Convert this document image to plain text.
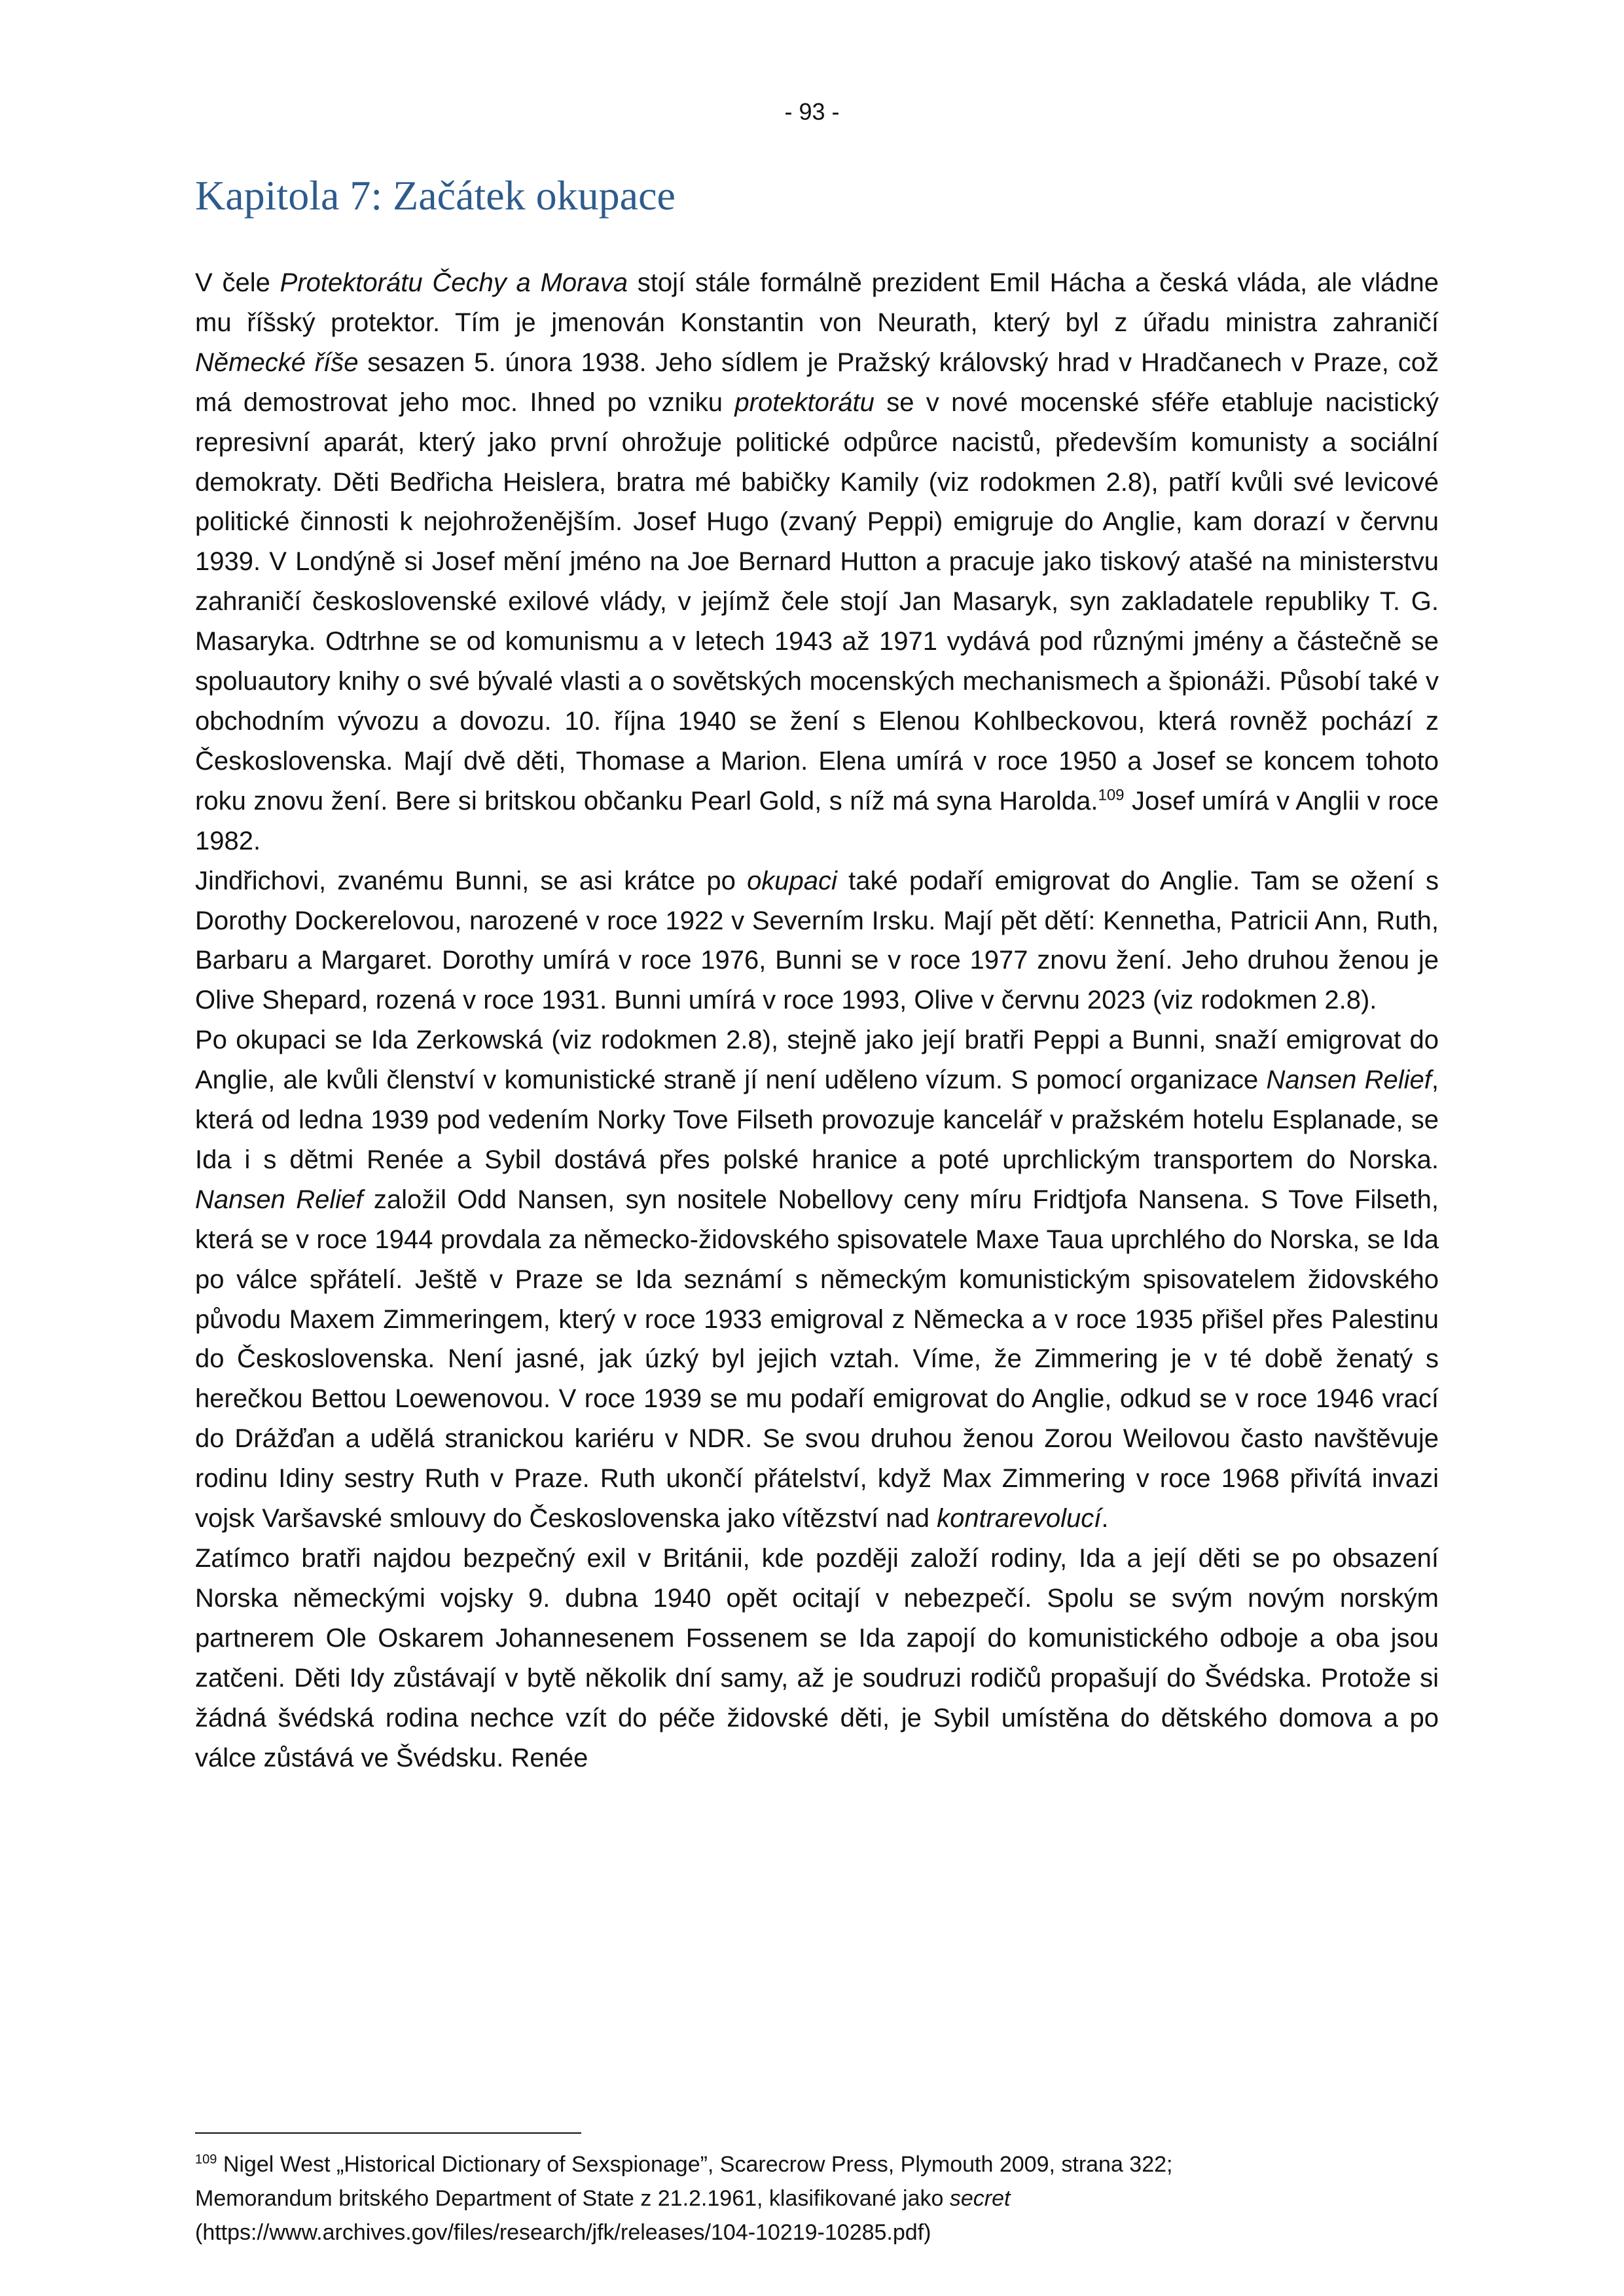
- 93 -
Kapitola 7: Začátek okupace

V čele Protektorátu Čechy a Morava stojí stále formálně prezident Emil Hácha a česká vláda, ale vládne mu říšský protektor. Tím je jmenován Konstantin von Neurath, který byl z úřadu ministra zahraničí Německé říše sesazen 5. února 1938. Jeho sídlem je Pražský královský hrad v Hradčanech v Praze, což má demostrovat jeho moc. Ihned po vzniku protektorátu se v nové mocenské sféře etabluje nacistický represivní aparát, který jako první ohrožuje politické odpůrce nacistů, především komunisty a sociální demokraty. Děti Bedřicha Heislera, bratra mé babičky Kamily (viz rodokmen 2.8), patří kvůli své levicové politické činnosti k nejohroženějším. Josef Hugo (zvaný Peppi) emigruje do Anglie, kam dorazí v červnu 1939. V Londýně si Josef mění jméno na Joe Bernard Hutton a pracuje jako tiskový atašé na ministerstvu zahraničí československé exilové vlády, v jejímž čele stojí Jan Masaryk, syn zakladatele republiky T. G. Masaryka. Odtrhne se od komunismu a v letech 1943 až 1971 vydává pod různými jmény a částečně se spoluautory knihy o své bývalé vlasti a o sovětských mocenských mechanismech a špionáži. Působí také v obchodním vývozu a dovozu. 10. října 1940 se žení s Elenou Kohlbeckovou, která rovněž pochází z Československa. Mají dvě děti, Thomase a Marion. Elena umírá v roce 1950 a Josef se koncem tohoto roku znovu žení. Bere si britskou občanku Pearl Gold, s níž má syna Harolda.$^{109}$ Josef umírá v Anglii v roce 1982.

Jindřichovi, zvanému Bunni, se asi krátce po okupaci také podaří emigrovat do Anglie. Tam se ožení s Dorothy Dockerelovou, narozené v roce 1922 v Severním Irsku. Mají pět dětí: Kennetha, Patricii Ann, Ruth, Barbaru a Margaret. Dorothy umírá v roce 1976, Bunni se v roce 1977 znovu žení. Jeho druhou ženou je Olive Shepard, rozená v roce 1931. Bunni umírá v roce 1993, Olive v červnu 2023 (viz rodokmen 2.8).

Po okupaci se Ida Zerkowská (viz rodokmen 2.8), stejně jako její bratři Peppi a Bunni, snaží emigrovat do Anglie, ale kvůli členství v komunistické straně jí není uděleno vízum. S pomocí organizace Nansen Relief, která od ledna 1939 pod vedením Norky Tove Filseth provozuje kancelář v pražském hotelu Esplanade, se Ida i s dětmi Renée a Sybil dostává přes polské hranice a poté uprchlickým transportem do Norska. Nansen Relief založil Odd Nansen, syn nositele Nobellovy ceny míru Fridtjofa Nansena. S Tove Filseth, která se v roce 1944 provdala za německo-židovského spisovatele Maxe Taua uprchlého do Norska, se Ida po válce spřátelí. Ještě v Praze se Ida seznámí s německým komunistickým spisovatelem židovského původu Maxem Zimmeringem, který v roce 1933 emigroval z Německa a v roce 1935 přišel přes Palestinu do Československa. Není jasné, jak úzký byl jejich vztah. Víme, že Zimmering je v té době ženatý s herečkou Bettou Loewenovou. V roce 1939 se mu podaří emigrovat do Anglie, odkud se v roce 1946 vrací do Drážďan a udělá stranickou kariéru v NDR. Se svou druhou ženou Zorou Weilovou často navštěvuje rodinu Idiny sestry Ruth v Praze. Ruth ukončí přátelství, když Max Zimmering v roce 1968 přivítá invazi vojsk Varšavské smlouvy do Československa jako vítězství nad kontrarevolucí.

Zatímco bratři najdou bezpečný exil v Británii, kde později založí rodiny, Ida a její děti se po obsazení Norska německými vojsky 9. dubna 1940 opět ocitají v nebezpečí. Spolu se svým novým norským partnerem Ole Oskarem Johannesenem Fossenem se Ida zapojí do komunistického odboje a oba jsou zatčeni. Děti Idy zůstávají v bytě několik dní samy, až je soudruzi rodičů propašují do Švédska. Protože si žádná švédská rodina nechce vzít do péče židovské děti, je Sybil umístěna do dětského domova a po válce zůstává ve Švédsku. Renée

$^{109}$ Nigel West „Historical Dictionary of Sexspionage”, Scarecrow Press, Plymouth 2009, strana 322;

Memorandum britského Department of State z 21.2.1961, klasifikované jako secret

(https://www.archives.gov/files/research/jfk/releases/104-10219-10285.pdf)
